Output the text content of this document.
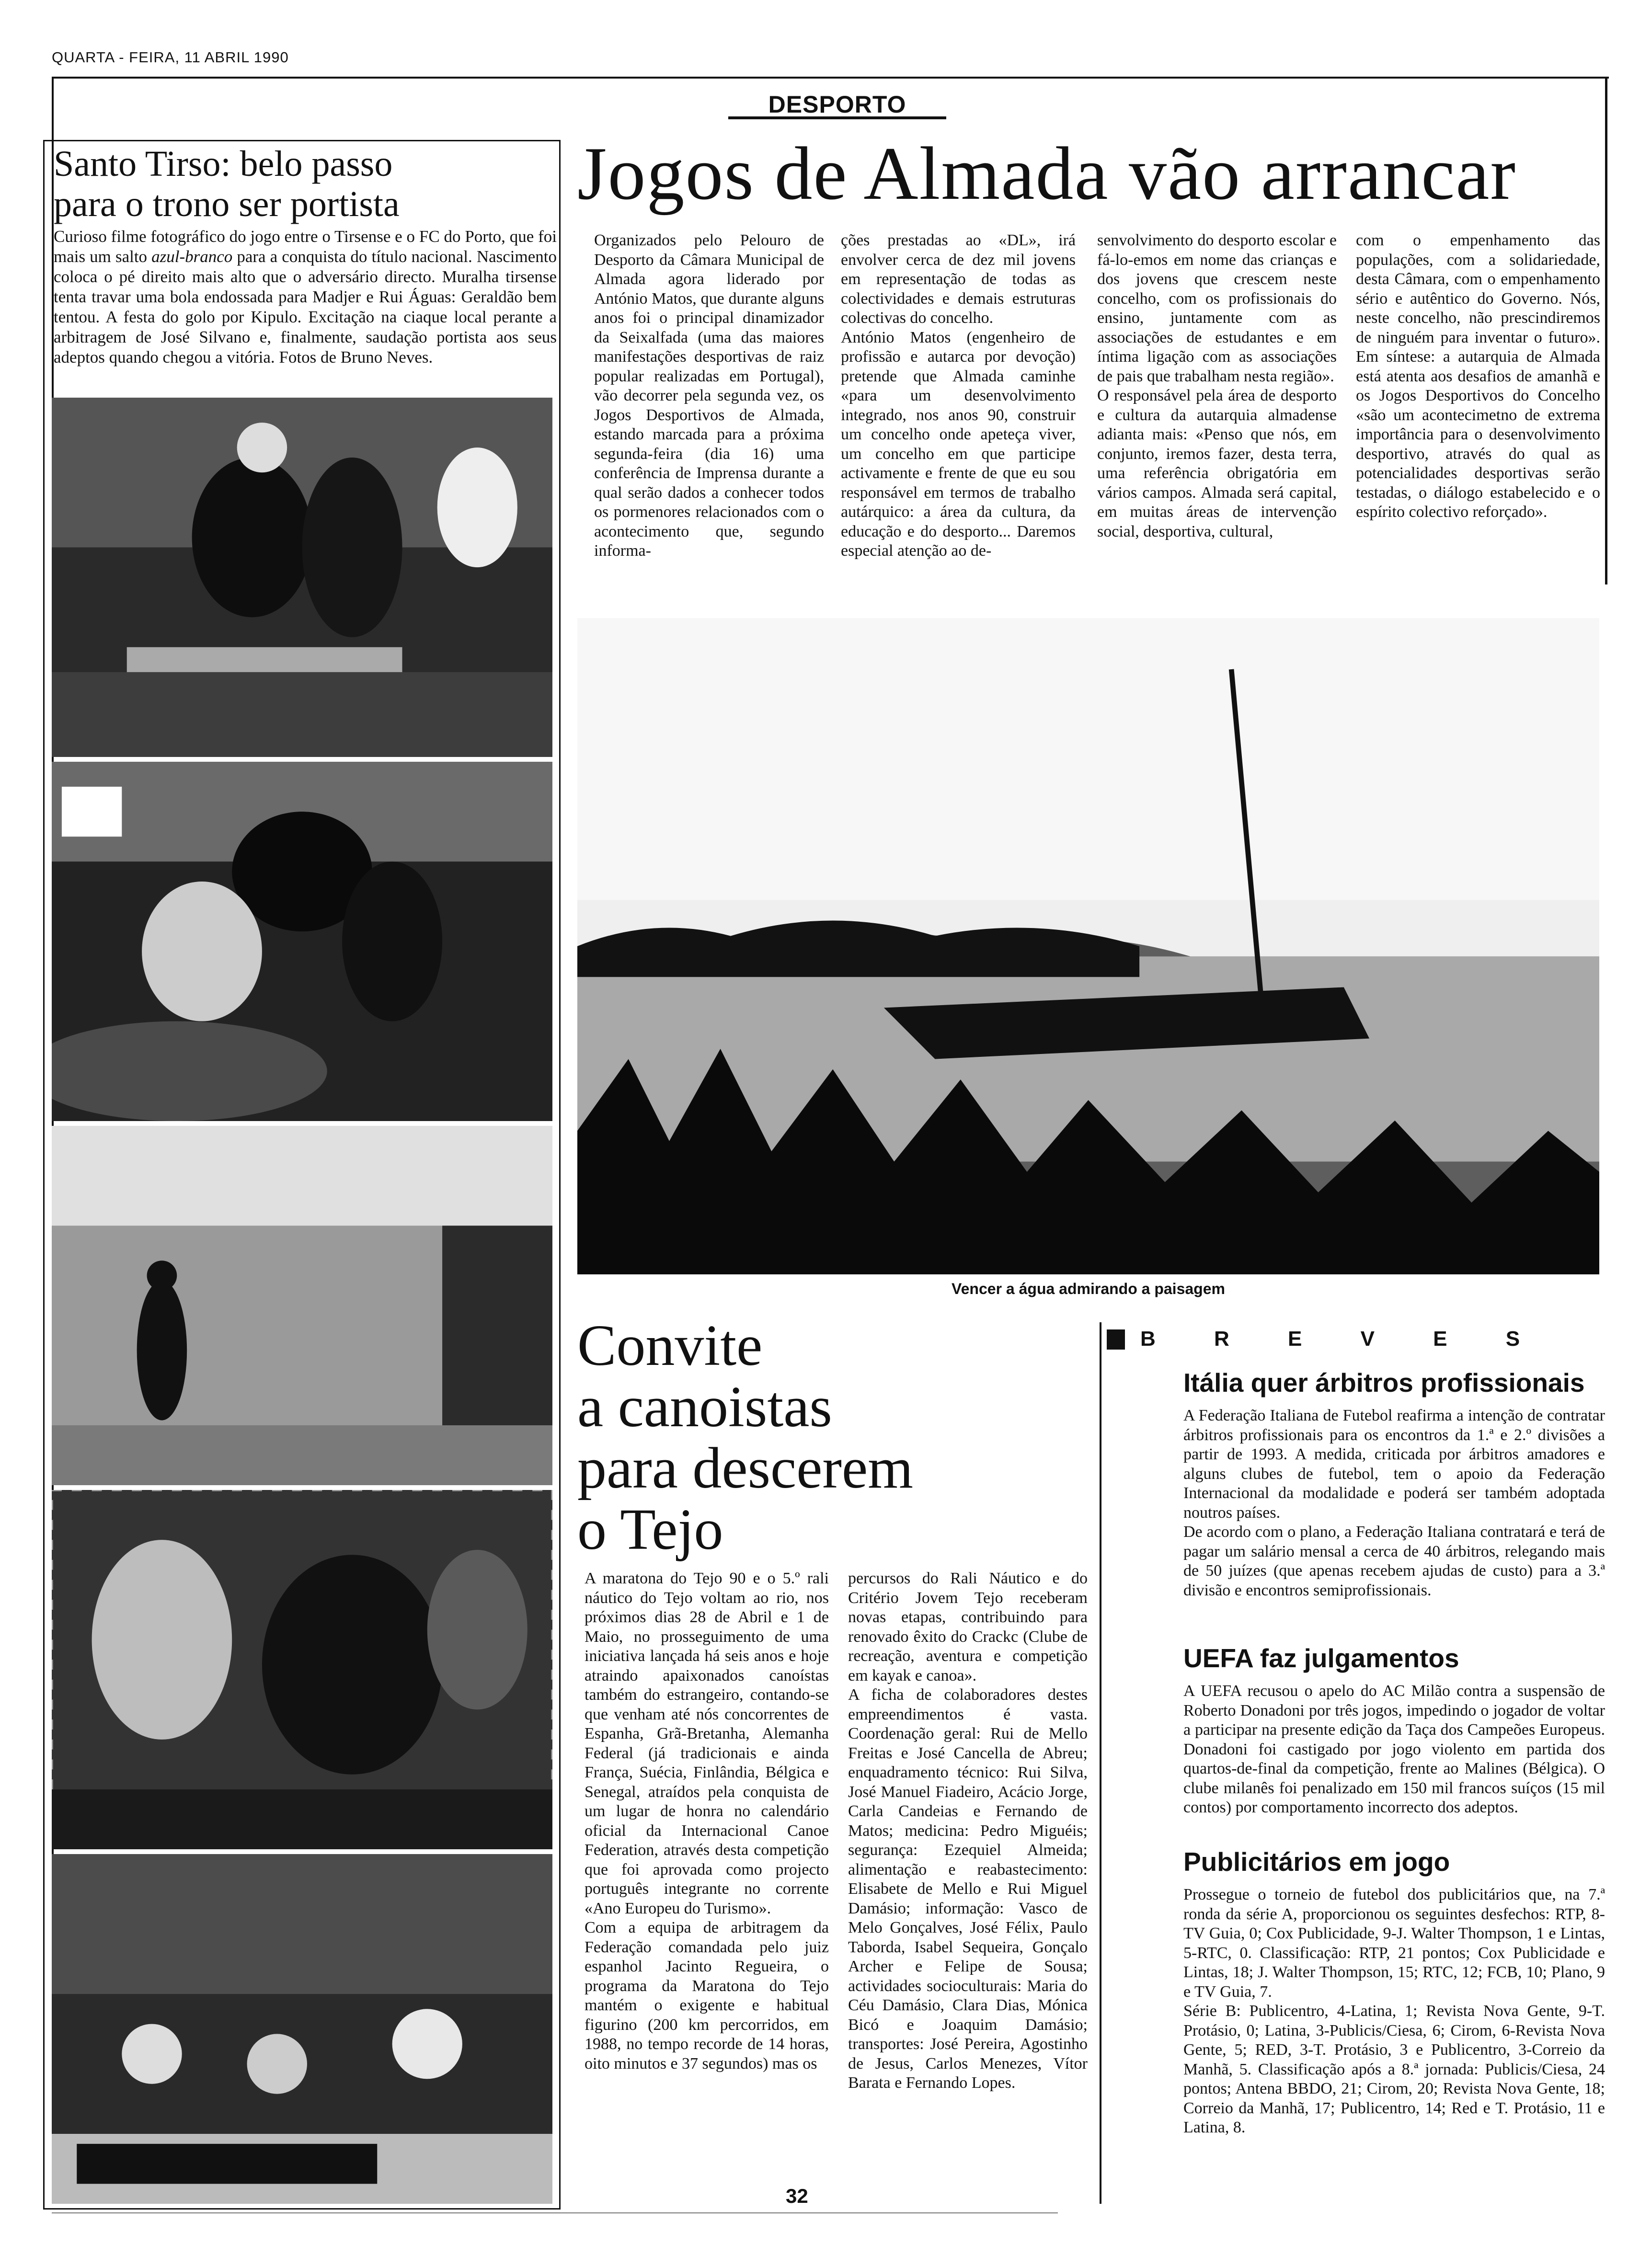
QUARTA - FEIRA, 11 ABRIL 1990
DESPORTO
Santo Tirso: belo passo
para o trono ser portista

Curioso filme fotográfico do jogo entre o Tirsense e o FC do Porto, que foi mais um salto azul-branco para a conquista do título nacional. Nascimento coloca o pé direito mais alto que o adversário directo. Muralha tirsense tenta travar uma bola endossada para Madjer e Rui Águas: Geraldão bem tentou. A festa do golo por Kipulo. Excitação na ciaque local perante a arbitragem de José Silvano e, finalmente, saudação portista aos seus adeptos quando chegou a vitória. Fotos de Bruno Neves.

Jogos de Almada vão arrancar

Organizados pelo Pelouro de Desporto da Câmara Municipal de Almada agora liderado por António Matos, que durante alguns anos foi o principal dinamizador da Seixalfada (uma das maiores manifestações desportivas de raiz popular realizadas em Portugal), vão decorrer pela segunda vez, os Jogos Desportivos de Almada, estando marcada para a próxima segunda-feira (dia 16) uma conferência de Imprensa durante a qual serão dados a conhecer todos os pormenores relacionados com o acontecimento que, segundo informa-

ções prestadas ao «DL», irá envolver cerca de dez mil jovens em representação de todas as colectividades e demais estruturas colectivas do concelho.
António Matos (engenheiro de profissão e autarca por devoção) pretende que Almada caminhe «para um desenvolvimento integrado, nos anos 90, construir um concelho onde apeteça viver, um concelho em que participe activamente e frente de que eu sou responsável em termos de trabalho autárquico: a área da cultura, da educação e do desporto... Daremos especial atenção ao de-

senvolvimento do desporto escolar e fá-lo-emos em nome das crianças e dos jovens que crescem neste concelho, com os profissionais do ensino, juntamente com as associações de estudantes e em íntima ligação com as associações de pais que trabalham nesta região».
O responsável pela área de desporto e cultura da autarquia almadense adianta mais: «Penso que nós, em conjunto, iremos fazer, desta terra, uma referência obrigatória em vários campos. Almada será capital, em muitas áreas de intervenção social, desportiva, cultural,

com o empenhamento das populações, com a solidariedade, desta Câmara, com o empenhamento sério e autêntico do Governo. Nós, neste concelho, não prescindiremos de ninguém para inventar o futuro». Em síntese: a autarquia de Almada está atenta aos desafios de amanhã e os Jogos Desportivos do Concelho «são um acontecimetno de extrema importância para o desenvolvimento desportivo, através do qual as potencialidades desportivas serão testadas, o diálogo estabelecido e o espírito colectivo reforçado».

Vencer a água admirando a paisagem
Convite
a canoistas
para descerem
o Tejo

A maratona do Tejo 90 e o 5.º rali náutico do Tejo voltam ao rio, nos próximos dias 28 de Abril e 1 de Maio, no prosseguimento de uma iniciativa lançada há seis anos e hoje atraindo apaixonados canoístas também do estrangeiro, contando-se que venham até nós concorrentes de Espanha, Grã-Bretanha, Alemanha Federal (já tradicionais e ainda França, Suécia, Finlândia, Bélgica e Senegal, atraídos pela conquista de um lugar de honra no calendário oficial da Internacional Canoe Federation, através desta competição que foi aprovada como projecto português integrante no corrente «Ano Europeu do Turismo».
Com a equipa de arbitragem da Federação comandada pelo juiz espanhol Jacinto Regueira, o programa da Maratona do Tejo mantém o exigente e habitual figurino (200 km percorridos, em 1988, no tempo recorde de 14 horas, oito minutos e 37 segundos) mas os

percursos do Rali Náutico e do Critério Jovem Tejo receberam novas etapas, contribuindo para renovado êxito do Crackc (Clube de recreação, aventura e competição em kayak e canoa».
A ficha de colaboradores destes empreendimentos é vasta. Coordenação geral: Rui de Mello Freitas e José Cancella de Abreu; enquadramento técnico: Rui Silva, José Manuel Fiadeiro, Acácio Jorge, Carla Candeias e Fernando de Matos; medicina: Pedro Miguéis; segurança: Ezequiel Almeida; alimentação e reabastecimento: Elisabete de Mello e Rui Miguel Damásio; informação: Vasco de Melo Gonçalves, José Félix, Paulo Taborda, Isabel Sequeira, Gonçalo Archer e Felipe de Sousa; actividades socioculturais: Maria do Céu Damásio, Clara Dias, Mónica Bicó e Joaquim Damásio; transportes: José Pereira, Agostinho de Jesus, Carlos Menezes, Vítor Barata e Fernando Lopes.

B R E V E S
Itália quer árbitros profissionais

A Federação Italiana de Futebol reafirma a intenção de contratar árbitros profissionais para os encontros da 1.ª e 2.º divisões a partir de 1993. A medida, criticada por árbitros amadores e alguns clubes de futebol, tem o apoio da Federação Internacional da modalidade e poderá ser também adoptada noutros países.
De acordo com o plano, a Federação Italiana contratará e terá de pagar um salário mensal a cerca de 40 árbitros, relegando mais de 50 juízes (que apenas recebem ajudas de custo) para a 3.ª divisão e encontros semiprofissionais.

UEFA faz julgamentos

A UEFA recusou o apelo do AC Milão contra a suspensão de Roberto Donadoni por três jogos, impedindo o jogador de voltar a participar na presente edição da Taça dos Campeões Europeus. Donadoni foi castigado por jogo violento em partida dos quartos-de-final da competição, frente ao Malines (Bélgica). O clube milanês foi penalizado em 150 mil francos suíços (15 mil contos) por comportamento incorrecto dos adeptos.

Publicitários em jogo

Prossegue o torneio de futebol dos publicitários que, na 7.ª ronda da série A, proporcionou os seguintes desfechos: RTP, 8-TV Guia, 0; Cox Publicidade, 9-J. Walter Thompson, 1 e Lintas, 5-RTC, 0. Classificação: RTP, 21 pontos; Cox Publicidade e Lintas, 18; J. Walter Thompson, 15; RTC, 12; FCB, 10; Plano, 9 e TV Guia, 7.
Série B: Publicentro, 4-Latina, 1; Revista Nova Gente, 9-T. Protásio, 0; Latina, 3-Publicis/Ciesa, 6; Cirom, 6-Revista Nova Gente, 5; RED, 3-T. Protásio, 3 e Publicentro, 3-Correio da Manhã, 5. Classificação após a 8.ª jornada: Publicis/Ciesa, 24 pontos; Antena BBDO, 21; Cirom, 20; Revista Nova Gente, 18; Correio da Manhã, 17; Publicentro, 14; Red e T. Protásio, 11 e Latina, 8.

32
